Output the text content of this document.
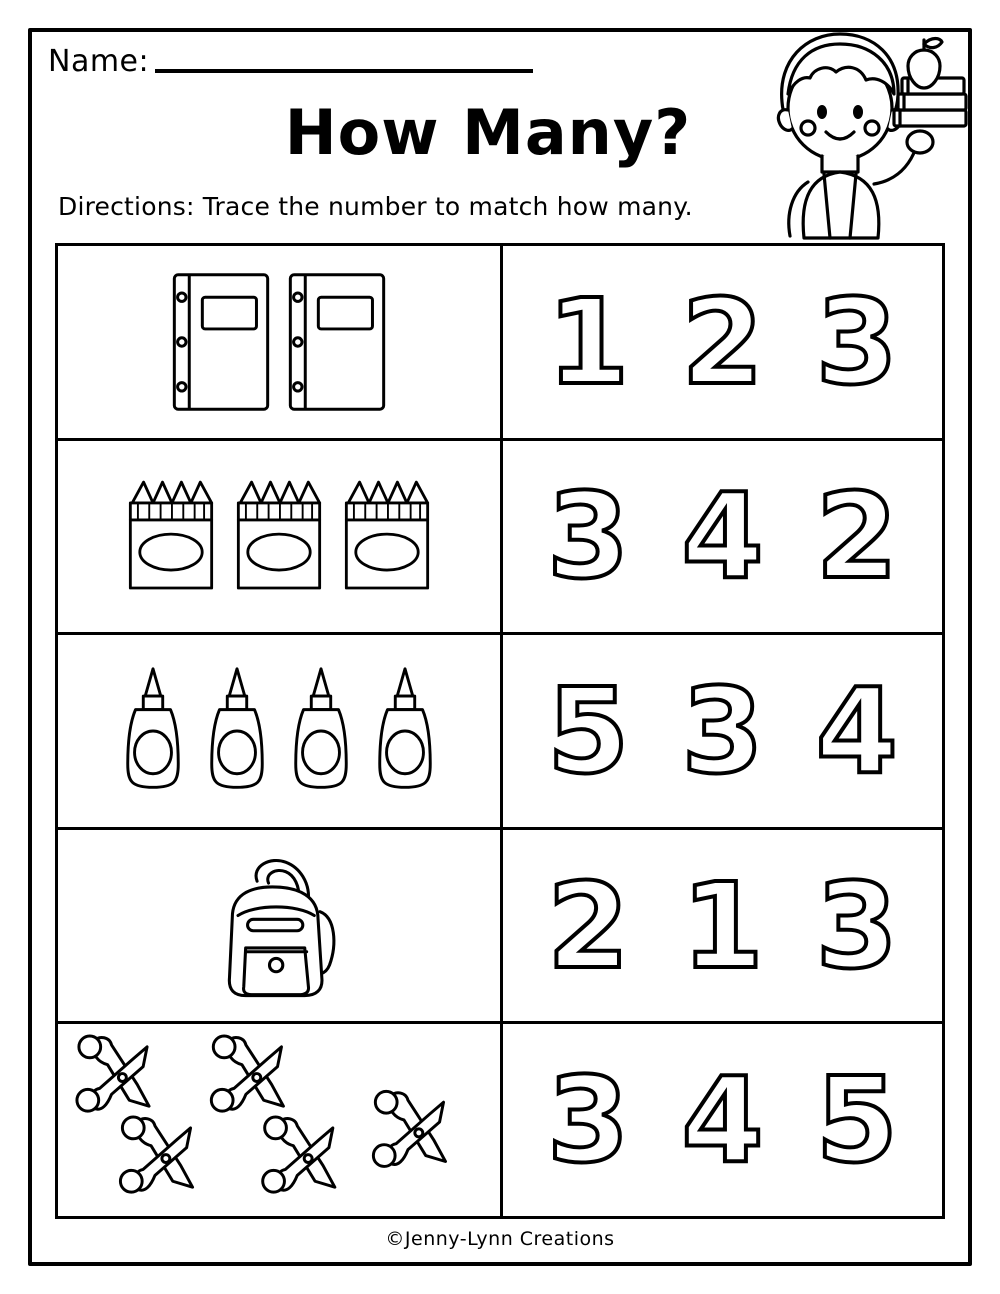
Name:
How Many?
Directions: Trace the number to match how many.
1 2 3
3 4 2
5 3 4
2 1 3
3 4 5
©Jenny-Lynn Creations
